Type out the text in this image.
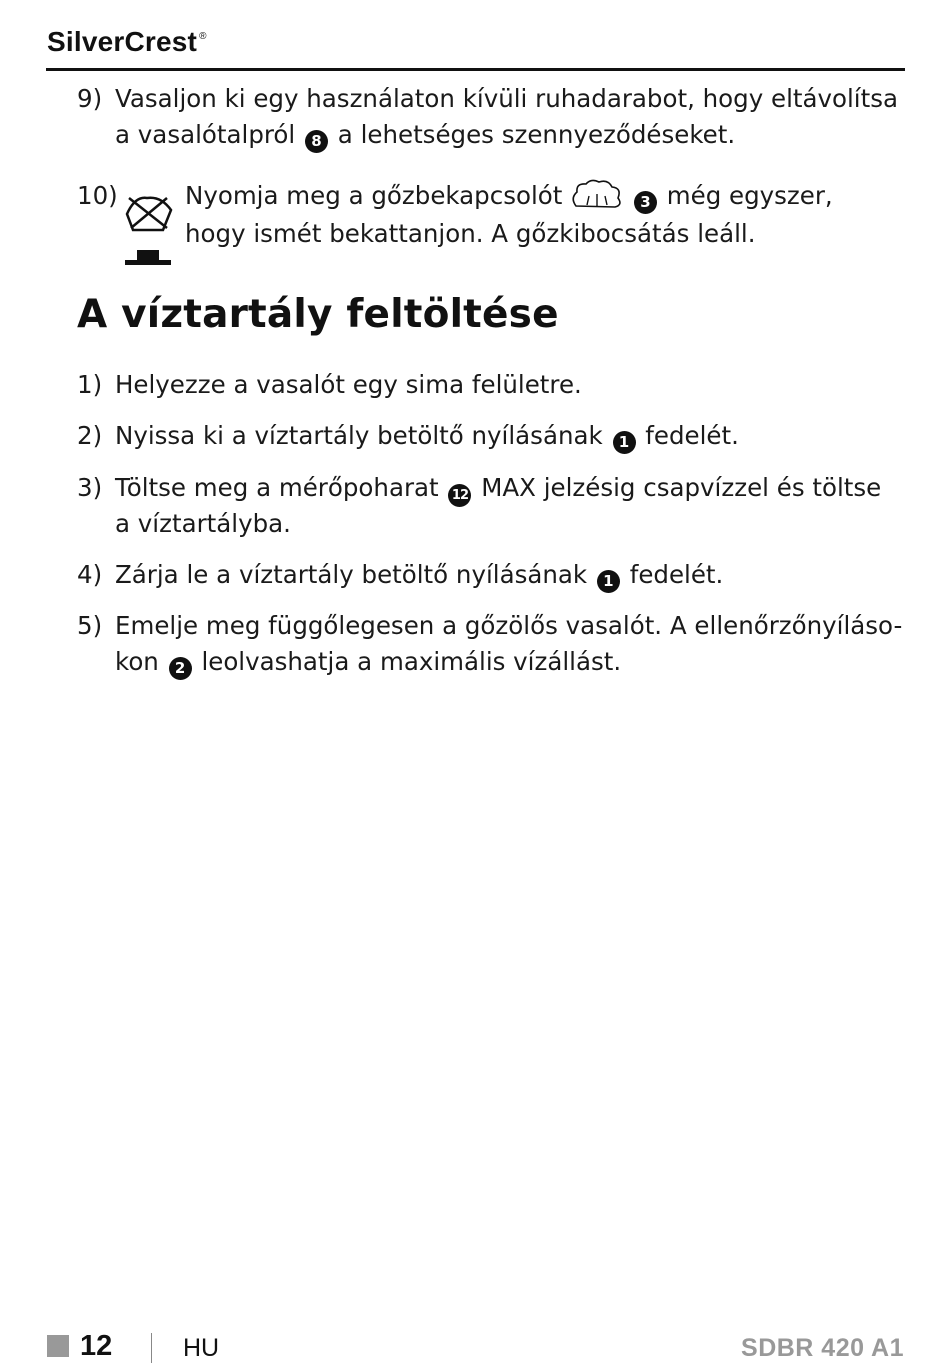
SilverCrest ®
9) Vasaljon ki egy használaton kívüli ruhadarabot, hogy eltávolítsa
a vasalótalpról 8 a lehetséges szennyeződéseket.
10)	Nyomja meg a gőzbekapcsolót	3 még egyszer,
hogy ismét bekattanjon. A gőzkibocsátás leáll.
A víztartály feltöltése
1) Helyezze a vasalót egy sima felületre.
2) Nyissa ki a víztartály betöltő nyílásának 1 fedelét.
3) Töltse meg a mérőpoharat 12 MAX jelzésig csapvízzel és töltse
a víztartályba.
4) Zárja le a víztartály betöltő nyílásának 1 fedelét.
5) Emelje meg függőlegesen a gőzölős vasalót. A ellenőrzőnyíláso-
kon 2 leolvashatja a maximális vízállást.
12	HU	SDBR 420 A1
